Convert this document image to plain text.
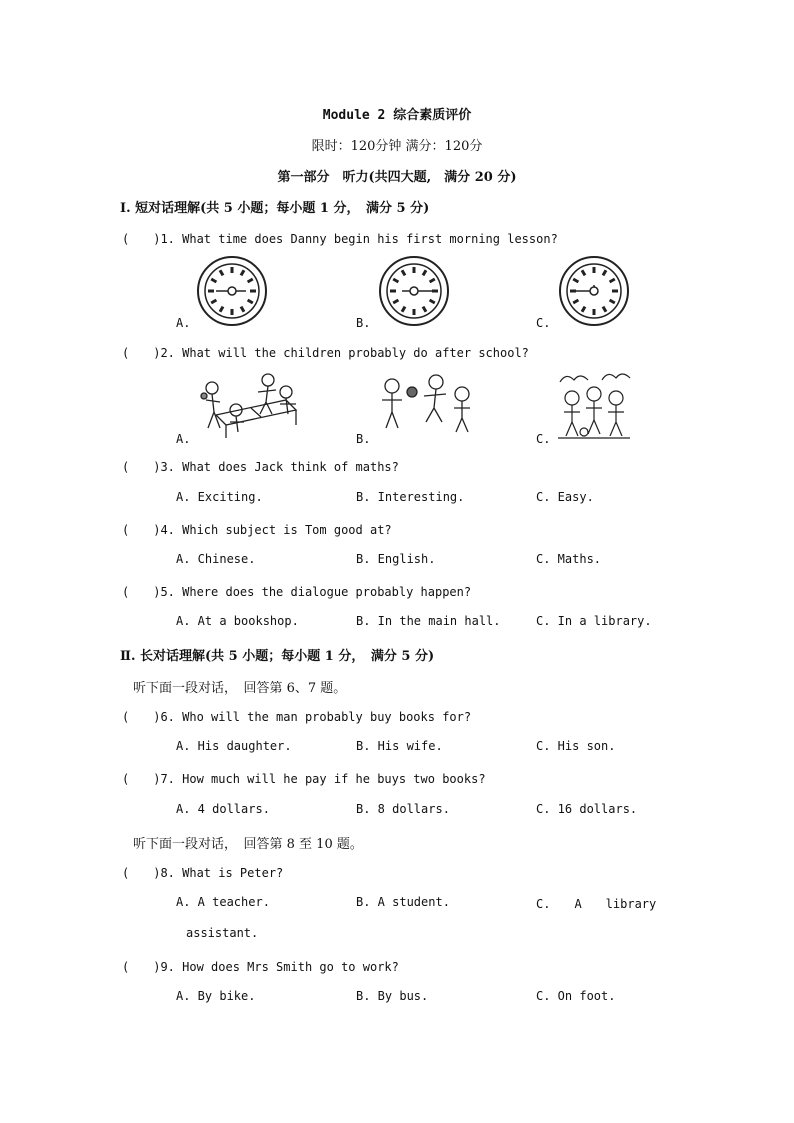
Module 2 综合素质评价
限时：120分钟 满分：120分
第一部分　听力(共四大题,　满分 20 分)
Ⅰ. 短对话理解(共 5 小题；每小题 1 分，　满分 5 分)
(　　)1. What time does Danny begin his first morning lesson?
A.	B.	C.
(　　)2. What will the children probably do after school?
A.	B.	C.
(　　)3. What does Jack think of maths?
A. Exciting.	B. Interesting.	C. Easy.
(　　)4. Which subject is Tom good at?
A. Chinese.	B. English.	C. Maths.
(　　)5. Where does the dialogue probably happen?
A. At a bookshop.	B. In the main hall.	C. In a library.
Ⅱ. 长对话理解(共 5 小题；每小题 1 分，　满分 5 分)
听下面一段对话，　回答第 6、7 题。
(　　)6. Who will the man probably buy books for?
A. His daughter.	B. His wife.	C. His son.
(　　)7. How much will he pay if he buys two books?
A. 4 dollars.	B. 8 dollars.	C. 16 dollars.
听下面一段对话，　回答第 8 至 10 题。
(　　)8. What is Peter?
A. A teacher.	B. A student.	C.　　A　　library
assistant.
(　　)9. How does Mrs Smith go to work?
A. By bike.	B. By bus.	C. On foot.
